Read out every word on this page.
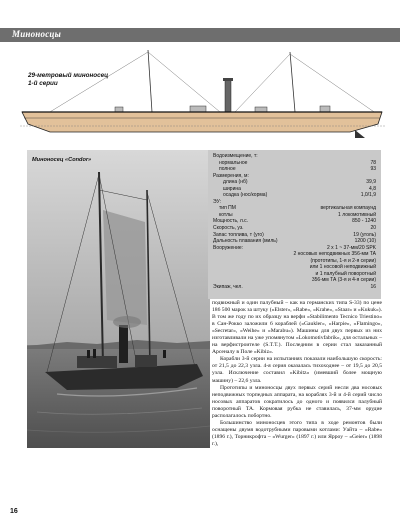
Миноносцы
29-метровый миноносец
1-й серии
Миноносец «Condor»
Водоизмещение, т:
нормальное	78
полное	93
Размерения, м:
длина (нб)	39,9
ширина	4,8
осадка (нос/корма)	1,0/1,9
ЭУ:
тип ПМ	вертикальная компаунд
котлы	1 локомотивный
Мощность, л.с.	850 - 1240
Скорость, уз.	20
Запас топлива, т (уго)	19 (уголь)
Дальность плавания (миль)	1200 (10)
Вооружение:	2 x 1 ~ 37-мм/20 SPK
2 носовых неподвижных 356-мм ТА
(прототипы, 1-я и 2-я серии)
или 1 носовой неподвижный
и 1 палубный поворотный
356-мм ТА (3-я и 4-я серии)
Экипаж, чел.	16

подвижный и один палубный – как на германских типа S-33) по цене 186 500 марок за штуку («Elster», «Rabe», «Krahe», «Staar» и «Kukuk»). В том же году по их образцу на верфи «Stabilimento Tecnico Triestino» в Сан-Рокко заложили 6 кораблей («Gaukler», «Harpie», «Flamingo», «Secretar», «Weihe» и «Marabu»). Машины для двух первых из них изготавливали на уже упомянутом «Lokomotivfabrik», для остальных – на верфистроителе (S.T.T.). Последним в серии стал заказанный Арсеналу в Поле «Kibiz».

Корабли 3-й серии на испытаниях показали наибольшую скорость: от 21,5 до 22,3 узла. 4-я серия оказалась тихоходнее – от 19,5 до 20,5 узла. Исключение составил «Kibitz» (имевший более мощную машину) – 22,6 узла.

Прототипы и миноносцы двух первых серий несли два носовых неподвижных торпедных аппарата, на кораблях 3-й и 4-й серий число носовых аппаратов сократилось до одного и появился палубный поворотный ТА. Кормовая рубка не ставилась, 37-мм орудие располагалось побортно.

Большинство миноносцев этого типа в ходе ремонтов были оснащены двумя водотрубными паровыми котлами: Уайта – «Rabe» (1896 г.), Торникрофта – «Wurger» (1897 г.) или Яррoу – «Geier» (1898 г.),

16
